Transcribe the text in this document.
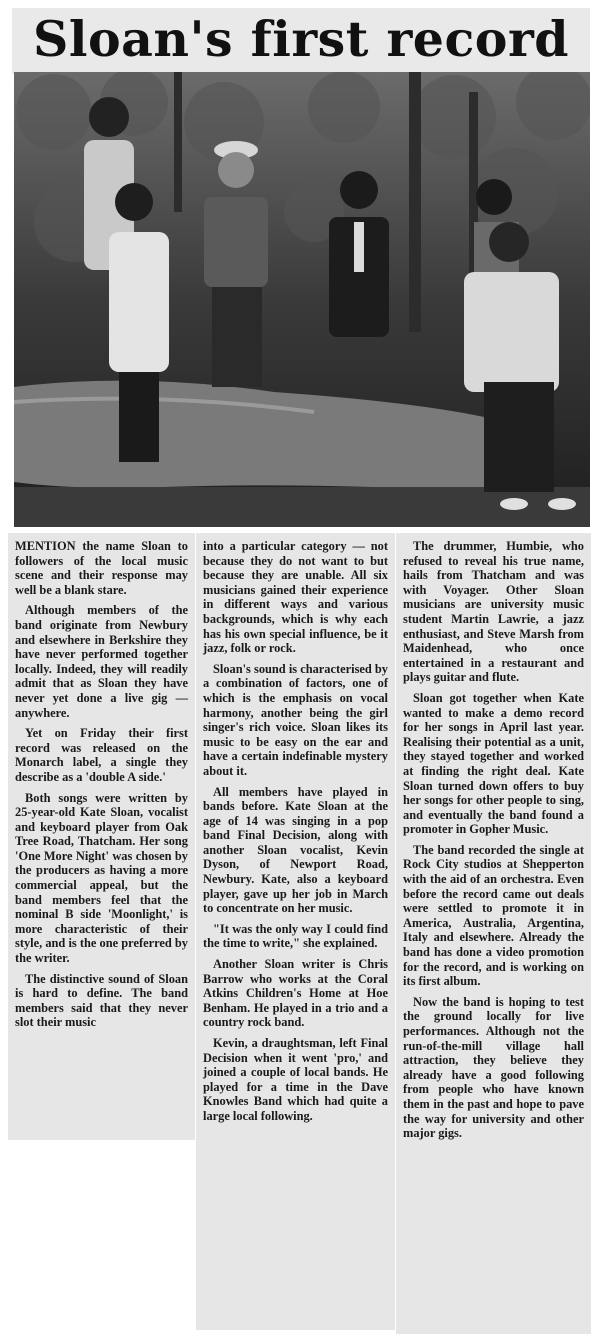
Sloan's first record

MENTION the name Sloan to followers of the local music scene and their response may well be a blank stare.

Although members of the band originate from Newbury and elsewhere in Berkshire they have never performed together locally. Indeed, they will readily admit that as Sloan they have never yet done a live gig — anywhere.

Yet on Friday their first record was released on the Monarch label, a single they describe as a 'double A side.'

Both songs were written by 25-year-old Kate Sloan, vocalist and keyboard player from Oak Tree Road, Thatcham. Her song 'One More Night' was chosen by the producers as having a more commercial appeal, but the band members feel that the nominal B side 'Moonlight,' is more characteristic of their style, and is the one preferred by the writer.

The distinctive sound of Sloan is hard to define. The band members said that they never slot their music

into a particular category — not because they do not want to but because they are unable. All six musicians gained their experience in different ways and various backgrounds, which is why each has his own special influence, be it jazz, folk or rock.

Sloan's sound is characterised by a combination of factors, one of which is the emphasis on vocal harmony, another being the girl singer's rich voice. Sloan likes its music to be easy on the ear and have a certain indefinable mystery about it.

All members have played in bands before. Kate Sloan at the age of 14 was singing in a pop band Final Decision, along with another Sloan vocalist, Kevin Dyson, of Newport Road, Newbury. Kate, also a keyboard player, gave up her job in March to concentrate on her music.

"It was the only way I could find the time to write," she explained.

Another Sloan writer is Chris Barrow who works at the Coral Atkins Children's Home at Hoe Benham. He played in a trio and a country rock band.

Kevin, a draughtsman, left Final Decision when it went 'pro,' and joined a couple of local bands. He played for a time in the Dave Knowles Band which had quite a large local following.

The drummer, Humbie, who refused to reveal his true name, hails from Thatcham and was with Voyager. Other Sloan musicians are university music student Martin Lawrie, a jazz enthusiast, and Steve Marsh from Maidenhead, who once entertained in a restaurant and plays guitar and flute.

Sloan got together when Kate wanted to make a demo record for her songs in April last year. Realising their potential as a unit, they stayed together and worked at finding the right deal. Kate Sloan turned down offers to buy her songs for other people to sing, and eventually the band found a promoter in Gopher Music.

The band recorded the single at Rock City studios at Shepperton with the aid of an orchestra. Even before the record came out deals were settled to promote it in America, Australia, Argentina, Italy and elsewhere. Already the band has done a video promotion for the record, and is working on its first album.

Now the band is hoping to test the ground locally for live performances. Although not the run-of-the-mill village hall attraction, they believe they already have a good following from people who have known them in the past and hope to pave the way for university and other major gigs.
